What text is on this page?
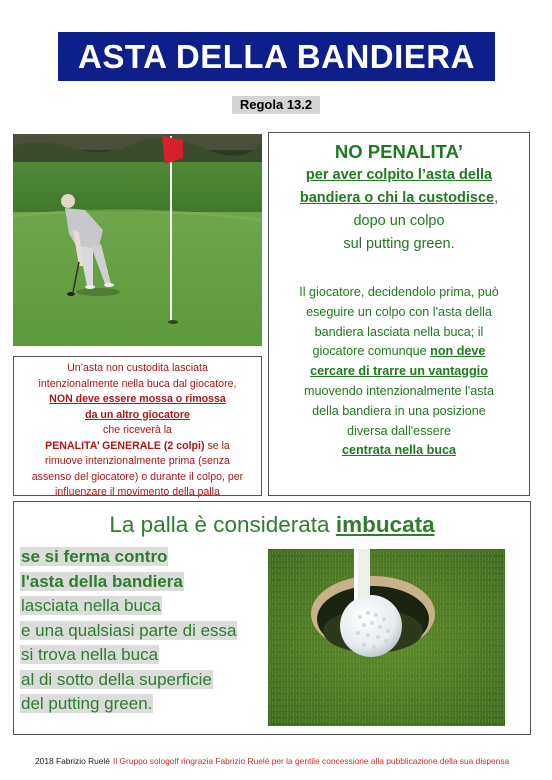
ASTA DELLA BANDIERA
Regola 13.2
Un’asta non custodita lasciata
intenzionalmente nella buca dal giocatore,
NON deve essere mossa o rimossa
da un altro giocatore
che riceverà la
PENALITA’ GENERALE (2 colpi) se la
rimuove intenzionalmente prima (senza
assenso del giocatore) o durante il colpo, per
influenzare il movimento della palla
NO PENALITA’
per aver colpito l’asta della
bandiera o chi la custodisce,
dopo un colpo
sul putting green.
Il giocatore, decidendolo prima, può
eseguire un colpo con l'asta della
bandiera lasciata nella buca; il
giocatore comunque non deve
cercare di trarre un vantaggio
muovendo intenzionalmente l'asta
della bandiera in una posizione
diversa dall'essere
centrata nella buca
La palla è considerata imbucata
se si ferma contro
l'asta della bandiera
lasciata nella buca
e una qualsiasi parte di essa
si trova nella buca
al di sotto della superficie
del putting green.
2018 Fabrizio Ruelé Il Gruppo sologolf ringrazia Fabrizio Ruelé per la gentile concessione alla pubblicazione della sua dispensa
